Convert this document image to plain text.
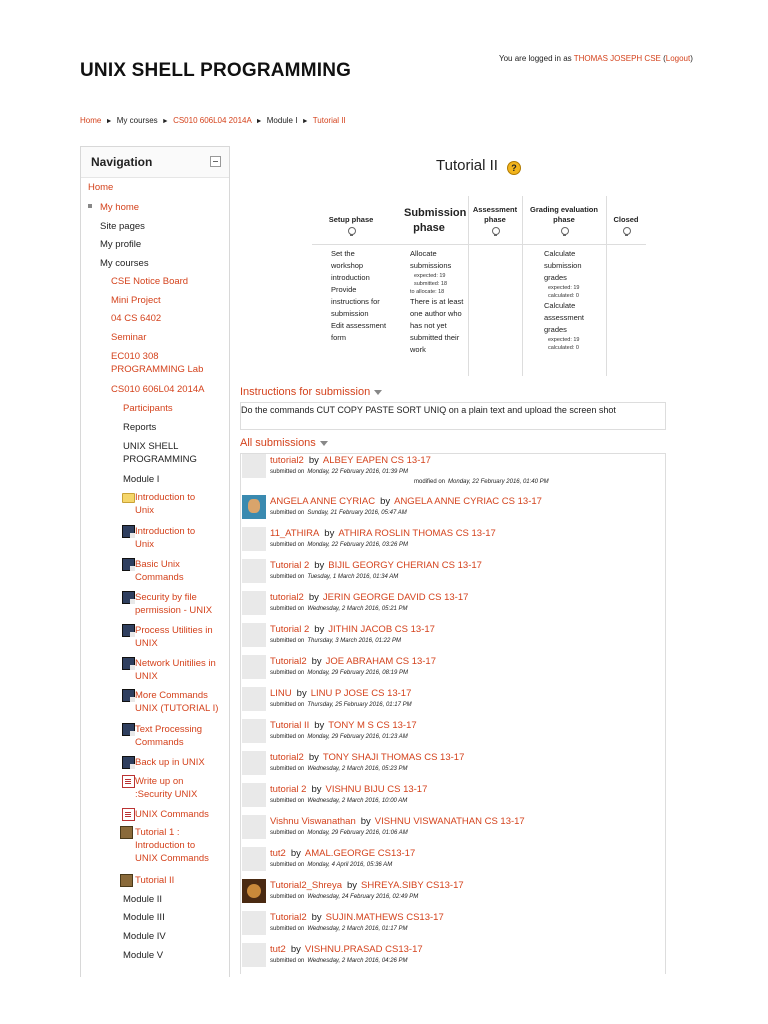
UNIX SHELL PROGRAMMING
You are logged in as THOMAS JOSEPH CSE (Logout)
Home ► My courses ► CS010 606L04 2014A ► Module I ► Tutorial II
Navigation
Home
My home
Site pages
My profile
My courses
CSE Notice Board
Mini Project
04 CS 6402
Seminar
EC010 308 PROGRAMMING Lab
CS010 606L04 2014A
Participants
Reports
UNIX SHELL PROGRAMMING
Module I
Introduction to Unix
Introduction to Unix
Basic Unix Commands
Security by file permission - UNIX
Process Utilities in UNIX
Network Unitilies in UNIX
More Commands UNIX (TUTORIAL I)
Text Processing Commands
Back up in UNIX
Write up on :Security UNIX
UNIX Commands
Tutorial 1 : Introduction to UNIX Commands
Tutorial II
Module II
Module III
Module IV
Module V
Tutorial II	?
Setup phase
Set the workshop introduction
Provide instructions for submission
Edit assessment form
Submission phase
Allocate submissions
expected: 19
submitted: 18
to allocate: 18
There is at least one author who has not yet submitted their work
Assessment phase
Grading evaluation phase
Calculate submission grades
expected: 19
calculated: 0
Calculate assessment grades
expected: 19
calculated: 0
Closed
Instructions for submission
Do the commands CUT COPY PASTE SORT UNIQ on a plain text and upload the screen shot
All submissions
tutorial2 by ALBEY EAPEN CS 13-17
submitted on Monday, 22 February 2016, 01:39 PM
modified on Monday, 22 February 2016, 01:40 PM
ANGELA ANNE CYRIAC by ANGELA ANNE CYRIAC CS 13-17
submitted on Sunday, 21 February 2016, 05:47 AM
11_ATHIRA by ATHIRA ROSLIN THOMAS CS 13-17
submitted on Monday, 22 February 2016, 03:26 PM
Tutorial 2 by BIJIL GEORGY CHERIAN CS 13-17
submitted on Tuesday, 1 March 2016, 01:34 AM
tutorial2 by JERIN GEORGE DAVID CS 13-17
submitted on Wednesday, 2 March 2016, 05:21 PM
Tutorial 2 by JITHIN JACOB CS 13-17
submitted on Thursday, 3 March 2016, 01:22 PM
Tutorial2 by JOE ABRAHAM CS 13-17
submitted on Monday, 29 February 2016, 08:19 PM
LINU by LINU P JOSE CS 13-17
submitted on Thursday, 25 February 2016, 01:17 PM
Tutorial II by TONY M S CS 13-17
submitted on Monday, 29 February 2016, 01:23 AM
tutorial2 by TONY SHAJI THOMAS CS 13-17
submitted on Wednesday, 2 March 2016, 05:23 PM
tutorial 2 by VISHNU BIJU CS 13-17
submitted on Wednesday, 2 March 2016, 10:00 AM
Vishnu Viswanathan by VISHNU VISWANATHAN CS 13-17
submitted on Monday, 29 February 2016, 01:06 AM
tut2 by AMAL.GEORGE CS13-17
submitted on Monday, 4 April 2016, 05:36 AM
Tutorial2_Shreya by SHREYA.SIBY CS13-17
submitted on Wednesday, 24 February 2016, 02:49 PM
Tutorial2 by SUJIN.MATHEWS CS13-17
submitted on Wednesday, 2 March 2016, 01:17 PM
tut2 by VISHNU.PRASAD CS13-17
submitted on Wednesday, 2 March 2016, 04:26 PM
